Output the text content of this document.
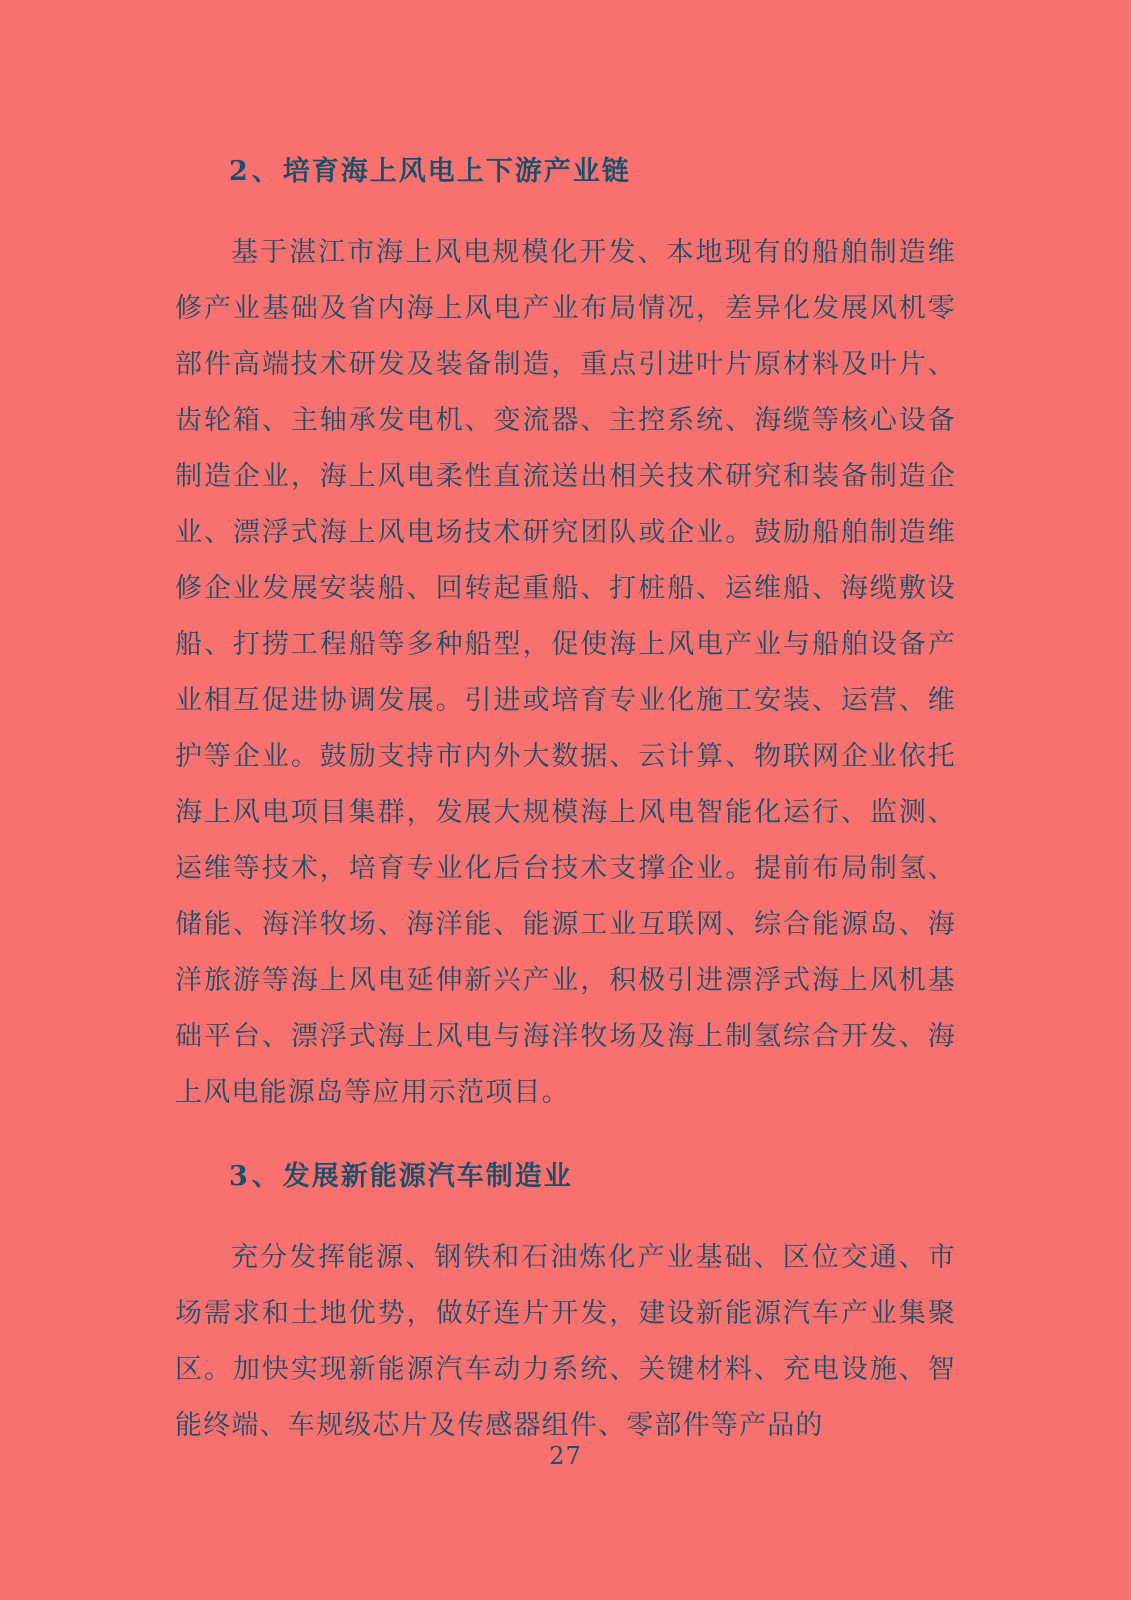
2、培育海上风电上下游产业链

基于湛江市海上风电规模化开发、本地现有的船舶制造维修产业基础及省内海上风电产业布局情况，差异化发展风机零部件高端技术研发及装备制造，重点引进叶片原材料及叶片、齿轮箱、主轴承发电机、变流器、主控系统、海缆等核心设备制造企业，海上风电柔性直流送出相关技术研究和装备制造企业、漂浮式海上风电场技术研究团队或企业。鼓励船舶制造维修企业发展安装船、回转起重船、打桩船、运维船、海缆敷设船、打捞工程船等多种船型，促使海上风电产业与船舶设备产业相互促进协调发展。引进或培育专业化施工安装、运营、维护等企业。鼓励支持市内外大数据、云计算、物联网企业依托海上风电项目集群，发展大规模海上风电智能化运行、监测、运维等技术，培育专业化后台技术支撑企业。提前布局制氢、储能、海洋牧场、海洋能、能源工业互联网、综合能源岛、海洋旅游等海上风电延伸新兴产业，积极引进漂浮式海上风机基础平台、漂浮式海上风电与海洋牧场及海上制氢综合开发、海上风电能源岛等应用示范项目。

3、发展新能源汽车制造业

充分发挥能源、钢铁和石油炼化产业基础、区位交通、市场需求和土地优势，做好连片开发，建设新能源汽车产业集聚区。加快实现新能源汽车动力系统、关键材料、充电设施、智能终端、车规级芯片及传感器组件、零部件等产品的

27
